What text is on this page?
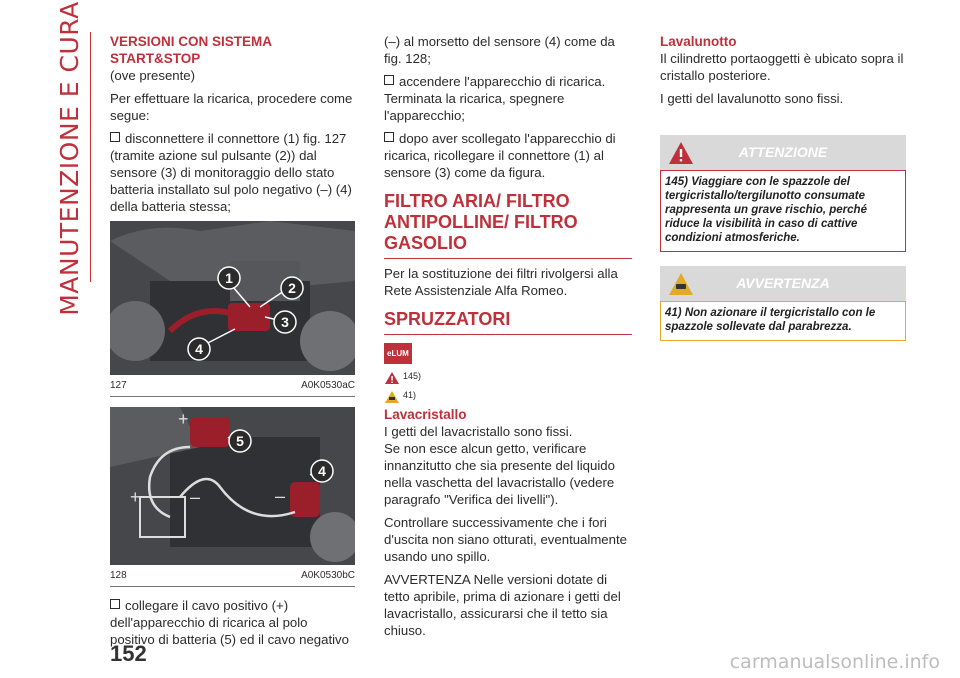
MANUTENZIONE E CURA VERSIONI CON SISTEMA START&STOP

(ove presente)

Per effettuare la ricarica, procedere come segue:

disconnettere il connettore (1) fig. 127 (tramite azione sul pulsante (2)) dal sensore (3) di monitoraggio dello stato batteria installato sul polo negativo (–) (4) della batteria stessa;

1
2
3
4
127	A0K0530aC
+	–
+
–
5
4
128	A0K0530bC

collegare il cavo positivo (+) dell'apparecchio di ricarica al polo positivo di batteria (5) ed il cavo negativo

152

(–) al morsetto del sensore (4) come da fig. 128;

accendere l'apparecchio di ricarica. Terminata la ricarica, spegnere l'apparecchio;

dopo aver scollegato l'apparecchio di ricarica, ricollegare il connettore (1) al sensore (3) come da figura.

FILTRO ARIA/ FILTRO ANTIPOLLINE/ FILTRO GASOLIO

Per la sostituzione dei filtri rivolgersi alla Rete Assistenziale Alfa Romeo.

SPRUZZATORI
eLUM
145)
41)

Lavacristallo

I getti del lavacristallo sono fissi.

Se non esce alcun getto, verificare innanzitutto che sia presente del liquido nella vaschetta del lavacristallo (vedere paragrafo "Verifica dei livelli").

Controllare successivamente che i fori d'uscita non siano otturati, eventualmente usando uno spillo.

AVVERTENZA Nelle versioni dotate di tetto apribile, prima di azionare i getti del lavacristallo, assicurarsi che il tetto sia chiuso.

Lavalunotto

Il cilindretto portaoggetti è ubicato sopra il cristallo posteriore.

I getti del lavalunotto sono fissi.

ATTENZIONE
145) Viaggiare con le spazzole del tergicristallo/tergilunotto consumate rappresenta un grave rischio, perché riduce la visibilità in caso di cattive condizioni atmosferiche.
AVVERTENZA
41) Non azionare il tergicristallo con le spazzole sollevate dal parabrezza.
carmanualsonline.info
